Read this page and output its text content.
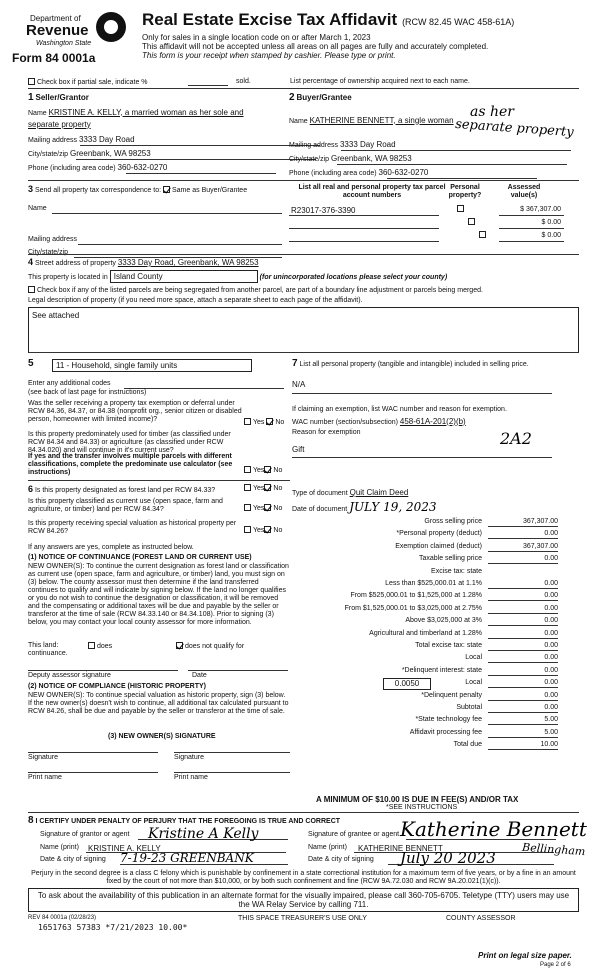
Department of
Revenue
Washington State
Form 84 0001a
Real Estate Excise Tax Affidavit (RCW 82.45 WAC 458-61A)
Only for sales in a single location code on or after March 1, 2023
This affidavit will not be accepted unless all areas on all pages are fully and accurately completed.
This form is your receipt when stamped by cashier. Please type or print.
Check box if partial sale, indicate %	sold.	List percentage of ownership acquired next to each name.
1 Seller/Grantor
Name KRISTINE A. KELLY, a married woman as her sole and
separate property
Mailing address 3333 Day Road
City/state/zip Greenbank, WA 98253
Phone (including area code) 360-632-0270
2 Buyer/Grantee
Name KATHERINE BENNETT, a single woman
Mailing address 3333 Day Road
City/state/zip Greenbank, WA 98253
Phone (including area code) 360-632-0270
as her
separate property
3 Send all property tax correspondence to: Same as Buyer/Grantee
Name
Mailing address
City/state/zip
List all real and personal property tax parcel account numbers
Personal property?
Assessed value(s)
R23017-376-3390
	$ 367,307.00

$ 0.00
$ 0.00
4 Street address of property 3333 Day Road, Greenbank, WA 98253
This property is located in Island County	(for unincorporated locations please select your county)
Check box if any of the listed parcels are being segregated from another parcel, are part of a boundary line adjustment or parcels being merged.
Legal description of property (if you need more space, attach a separate sheet to each page of the affidavit).
See attached
5	11 - Household, single family units
Enter any additional codes
(see back of last page for instructions)
Was the seller receiving a property tax exemption or deferral under RCW 84.36, 84.37, or 84.38 (nonprofit org., senior citizen or disabled person, homeowner with limited income)?	Yes No
Is this property predominately used for timber (as classified under RCW 84.34 and 84.33) or agriculture (as classified under RCW 84.34.020) and will continue in it's current use?
If yes and the transfer involves multiple parcels with different classifications, complete the predominate use calculator (see instructions)	Yes No
6 Is this property designated as forest land per RCW 84.33?	Yes No
Is this property classified as current use (open space, farm and agriculture, or timber) land per RCW 84.34?	Yes No
Is this property receiving special valuation as historical property per RCW 84.26?	Yes No
If any answers are yes, complete as instructed below.
(1) NOTICE OF CONTINUANCE (FOREST LAND OR CURRENT USE)
NEW OWNER(S): To continue the current designation as forest land or classification as current use (open space, farm and agriculture, or timber) land, you must sign on (3) below. The county assessor must then determine if the land transferred continues to qualify and will indicate by signing below. If the land no longer qualifies or you do not wish to continue the designation or classification, it will be removed and the compensating or additional taxes will be due and payable by the seller or transferor at the time of sale (RCW 84.33.140 or 84.34.108). Prior to signing (3) below, you may contact your local county assessor for more information.
This land:
continuance.
does	does not qualify for
Deputy assessor signature	Date
(2) NOTICE OF COMPLIANCE (HISTORIC PROPERTY)
NEW OWNER(S): To continue special valuation as historic property, sign (3) below. If the new owner(s) doesn't wish to continue, all additional tax calculated pursuant to RCW 84.26, shall be due and payable by the seller or transferor at the time of sale.
(3) NEW OWNER(S) SIGNATURE
Signature	Signature
Print name	Print name
7 List all personal property (tangible and intangible) included in selling price.
N/A
If claiming an exemption, list WAC number and reason for exemption.
WAC number (section/subsection) 458-61A-201(2)(b)
Reason for exemption
Gift
2A2
Type of document Quit Claim Deed
Date of document JULY 19, 2023
Gross selling price	367,307.00
*Personal property (deduct)	0.00
Exemption claimed (deduct)	367,307.00
Taxable selling price	0.00
Excise tax: state
Less than $525,000.01 at 1.1%	0.00
From $525,000.01 to $1,525,000 at 1.28%	0.00
From $1,525,000.01 to $3,025,000 at 2.75%	0.00
Above $3,025,000 at 3%	0.00
Agricultural and timberland at 1.28%	0.00
Total excise tax: state	0.00
Local	0.00
*Delinquent interest: state	0.00
Local	0.00
*Delinquent penalty	0.00
Subtotal	0.00
*State technology fee	5.00
Affidavit processing fee	5.00
Total due	10.00
0.0050
A MINIMUM OF $10.00 IS DUE IN FEE(S) AND/OR TAX
*SEE INSTRUCTIONS
8 I CERTIFY UNDER PENALTY OF PERJURY THAT THE FOREGOING IS TRUE AND CORRECT
Signature of grantor or agent	Signature of grantee or agent
Name (print) KRISTINE A. KELLY	Name (print) KATHERINE BENNETT
Date & city of signing	Date & city of signing
Kristine A Kelly
7-19-23 GREENBANK
Katherine Bennett
July 20 2023 Bellingham
Perjury in the second degree is a class C felony which is punishable by confinement in a state correctional institution for a maximum term of five years, or by a fine in an amount fixed by the court of not more than $10,000, or by both such confinement and fine (RCW 9A.72.030 and RCW 9A.20.021(1)(c)).
To ask about the availability of this publication in an alternate format for the visually impaired, please call 360-705-6705. Teletype (TTY) users may use the WA Relay Service by calling 711.
REV 84 0001a (02/28/23)
1651763 57383 *7/21/2023 10.00*
THIS SPACE TREASURER'S USE ONLY	COUNTY ASSESSOR
Print on legal size paper.
Page 2 of 6
